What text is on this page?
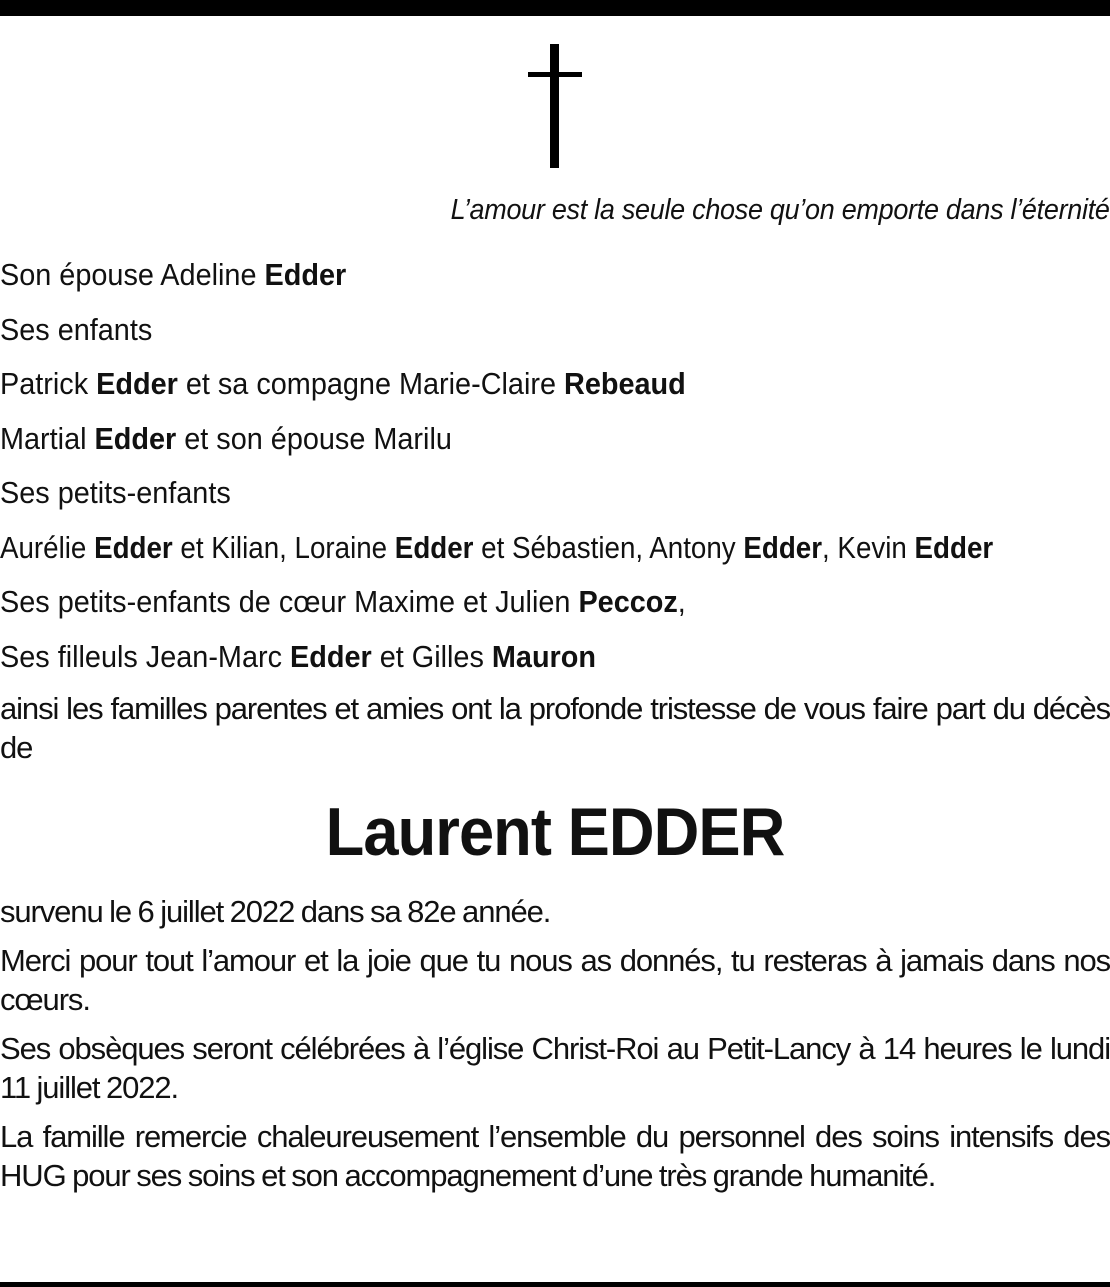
L’amour est la seule chose qu’on emporte dans l’éternité
Son épouse Adeline Edder
Ses enfants
Patrick Edder et sa compagne Marie-Claire Rebeaud
Martial Edder et son épouse Marilu
Ses petits-enfants
Aurélie Edder et Kilian, Loraine Edder et Sébastien, Antony Edder, Kevin Edder
Ses petits-enfants de cœur Maxime et Julien Peccoz,
Ses filleuls Jean-Marc Edder et Gilles Mauron
ainsi les familles parentes et amies ont la profonde tristesse de vous faire part du décès de
Laurent EDDER
survenu le 6 juillet 2022 dans sa 82e année.
Merci pour tout l’amour et la joie que tu nous as donnés, tu resteras à jamais dans nos cœurs.
Ses obsèques seront célébrées à l’église Christ-Roi au Petit-Lancy à 14 heures le lundi 11 juillet 2022.
La famille remercie chaleureusement l’ensemble du personnel des soins intensifs des HUG pour ses soins et son accompagnement d’une très grande humanité.
